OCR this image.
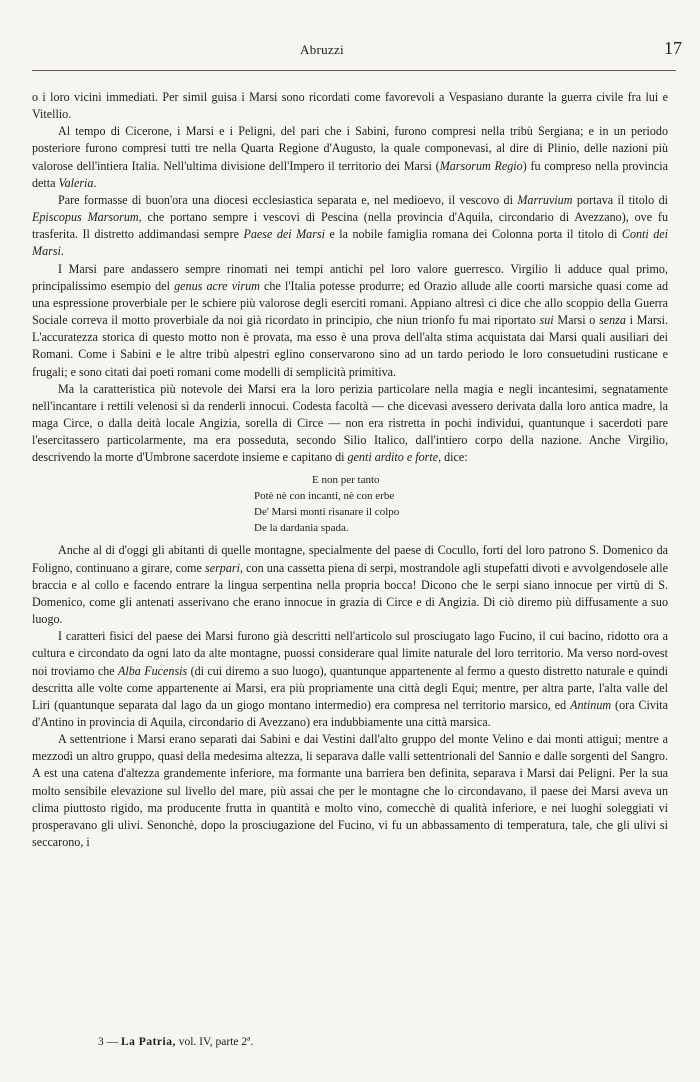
Abruzzi	17

o i loro vicini immediati. Per simil guisa i Marsi sono ricordati come favorevoli a Vespasiano durante la guerra civile fra lui e Vitellio.

Al tempo di Cicerone, i Marsi e i Peligni, del pari che i Sabini, furono compresi nella tribù Sergiana; e in un periodo posteriore furono compresi tutti tre nella Quarta Regione d'Augusto, la quale componevasi, al dire di Plinio, delle nazioni più valorose dell'intiera Italia. Nell'ultima divisione dell'Impero il territorio dei Marsi (Marsorum Regio) fu compreso nella provincia detta Valeria.

Pare formasse di buon'ora una diocesi ecclesiastica separata e, nel medioevo, il vescovo di Marruvium portava il titolo di Episcopus Marsorum, che portano sempre i vescovi di Pescina (nella provincia d'Aquila, circondario di Avezzano), ove fu trasferita. Il distretto addimandasi sempre Paese dei Marsi e la nobile famiglia romana dei Colonna porta il titolo di Conti dei Marsi.

I Marsi pare andassero sempre rinomati nei tempi antichi pel loro valore guerresco. Virgilio li adduce qual primo, principalissimo esempio del genus acre virum che l'Italia potesse produrre; ed Orazio allude alle coorti marsiche quasi come ad una espressione proverbiale per le schiere più valorose degli eserciti romani. Appiano altresì ci dice che allo scoppio della Guerra Sociale correva il motto proverbiale da noi già ricordato in principio, che niun trionfo fu mai riportato sui Marsi o senza i Marsi. L'accuratezza storica di questo motto non è provata, ma esso è una prova dell'alta stima acquistata dai Marsi quali ausiliari dei Romani. Come i Sabini e le altre tribù alpestri eglino conservarono sino ad un tardo periodo le loro consuetudini rusticane e frugali; e sono citati dai poeti romani come modelli di semplicità primitiva.

Ma la caratteristica più notevole dei Marsi era la loro perizia particolare nella magia e negli incantesimi, segnatamente nell'incantare i rettili velenosi sì da renderli innocui. Codesta facoltà — che dicevasi avessero derivata dalla loro antica madre, la maga Circe, o dalla deità locale Angizia, sorella di Circe — non era ristretta in pochi individui, quantunque i sacerdoti pare l'esercitassero particolarmente, ma era posseduta, secondo Silio Italico, dall'intiero corpo della nazione. Anche Virgilio, descrivendo la morte d'Umbrone sacerdote insieme e capitano di genti ardito e forte, dice:

E non per tanto
Potè nè con incanti, nè con erbe
De' Marsi monti risanare il colpo
De la dardania spada.

Anche al di d'oggi gli abitanti di quelle montagne, specialmente del paese di Cocullo, forti del loro patrono S. Domenico da Foligno, continuano a girare, come serpari, con una cassetta piena di serpi, mostrandole agli stupefatti divoti e avvolgendosele alle braccia e al collo e facendo entrare la lingua serpentina nella propria bocca! Dicono che le serpi siano innocue per virtù di S. Domenico, come gli antenati asserivano che erano innocue in grazia di Circe e di Angizia. Di ciò diremo più diffusamente a suo luogo.

I caratteri fisici del paese dei Marsi furono già descritti nell'articolo sul prosciugato lago Fucino, il cui bacino, ridotto ora a cultura e circondato da ogni lato da alte montagne, puossi considerare qual limite naturale del loro territorio. Ma verso nord-ovest noi troviamo che Alba Fucensis (di cui diremo a suo luogo), quantunque appartenente al fermo a questo distretto naturale e quindi descritta alle volte come appartenente ai Marsi, era più propriamente una città degli Equi; mentre, per altra parte, l'alta valle del Liri (quantunque separata dal lago da un giogo montano intermedio) era compresa nel territorio marsico, ed Antinum (ora Civita d'Antino in provincia di Aquila, circondario di Avezzano) era indubbiamente una città marsica.

A settentrione i Marsi erano separati dai Sabini e dai Vestini dall'alto gruppo del monte Velino e dai monti attigui; mentre a mezzodì un altro gruppo, quasi della medesima altezza, li separava dalle valli settentrionali del Sannio e dalle sorgenti del Sangro. A est una catena d'altezza grandemente inferiore, ma formante una barriera ben definita, separava i Marsi dai Peligni. Per la sua molto sensibile elevazione sul livello del mare, più assai che per le montagne che lo circondavano, il paese dei Marsi aveva un clima piuttosto rigido, ma producente frutta in quantità e molto vino, comecchè di qualità inferiore, e nei luoghi soleggiati vi prosperavano gli ulivi. Senonchè, dopo la prosciugazione del Fucino, vi fu un abbassamento di temperatura, tale, che gli ulivi si seccarono, i

3 — La Patria, vol. IV, parte 2ª.
